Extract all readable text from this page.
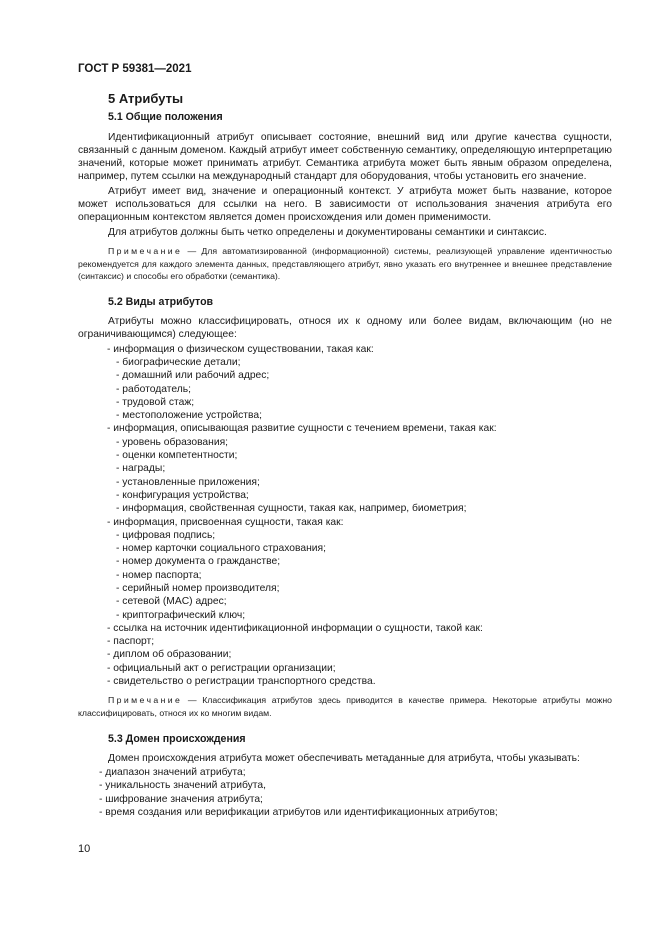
ГОСТ Р 59381—2021
5 Атрибуты
5.1 Общие положения

Идентификационный атрибут описывает состояние, внешний вид или другие качества сущности, связанный с данным доменом. Каждый атрибут имеет собственную семантику, определяющую интерпретацию значений, которые может принимать атрибут. Семантика атрибута может быть явным образом определена, например, путем ссылки на международный стандарт для оборудования, чтобы установить его значение.

Атрибут имеет вид, значение и операционный контекст. У атрибута может быть название, которое может использоваться для ссылки на него. В зависимости от использования значения атрибута его операционным контекстом является домен происхождения или домен применимости.

Для атрибутов должны быть четко определены и документированы семантики и синтаксис.

Примечание — Для автоматизированной (информационной) системы, реализующей управление идентичностью рекомендуется для каждого элемента данных, представляющего атрибут, явно указать его внутреннее и внешнее представление (синтаксис) и способы его обработки (семантика).

5.2 Виды атрибутов

Атрибуты можно классифицировать, относя их к одному или более видам, включающим (но не ограничивающимся) следующее:

- информация о физическом существовании, такая как:

- биографические детали;

- домашний или рабочий адрес;

- работодатель;

- трудовой стаж;

- местоположение устройства;

- информация, описывающая развитие сущности с течением времени, такая как:

- уровень образования;

- оценки компетентности;

- награды;

- установленные приложения;

- конфигурация устройства;

- информация, свойственная сущности, такая как, например, биометрия;

- информация, присвоенная сущности, такая как:

- цифровая подпись;

- номер карточки социального страхования;

- номер документа о гражданстве;

- номер паспорта;

- серийный номер производителя;

- сетевой (MAC) адрес;

- криптографический ключ;

- ссылка на источник идентификационной информации о сущности, такой как:

- паспорт;

- диплом об образовании;

- официальный акт о регистрации организации;

- свидетельство о регистрации транспортного средства.

Примечание — Классификация атрибутов здесь приводится в качестве примера. Некоторые атрибуты можно классифицировать, относя их ко многим видам.

5.3 Домен происхождения

Домен происхождения атрибута может обеспечивать метаданные для атрибута, чтобы указывать:

- диапазон значений атрибута;

- уникальность значений атрибута,

- шифрование значения атрибута;

- время создания или верификации атрибутов или идентификационных атрибутов;

10
